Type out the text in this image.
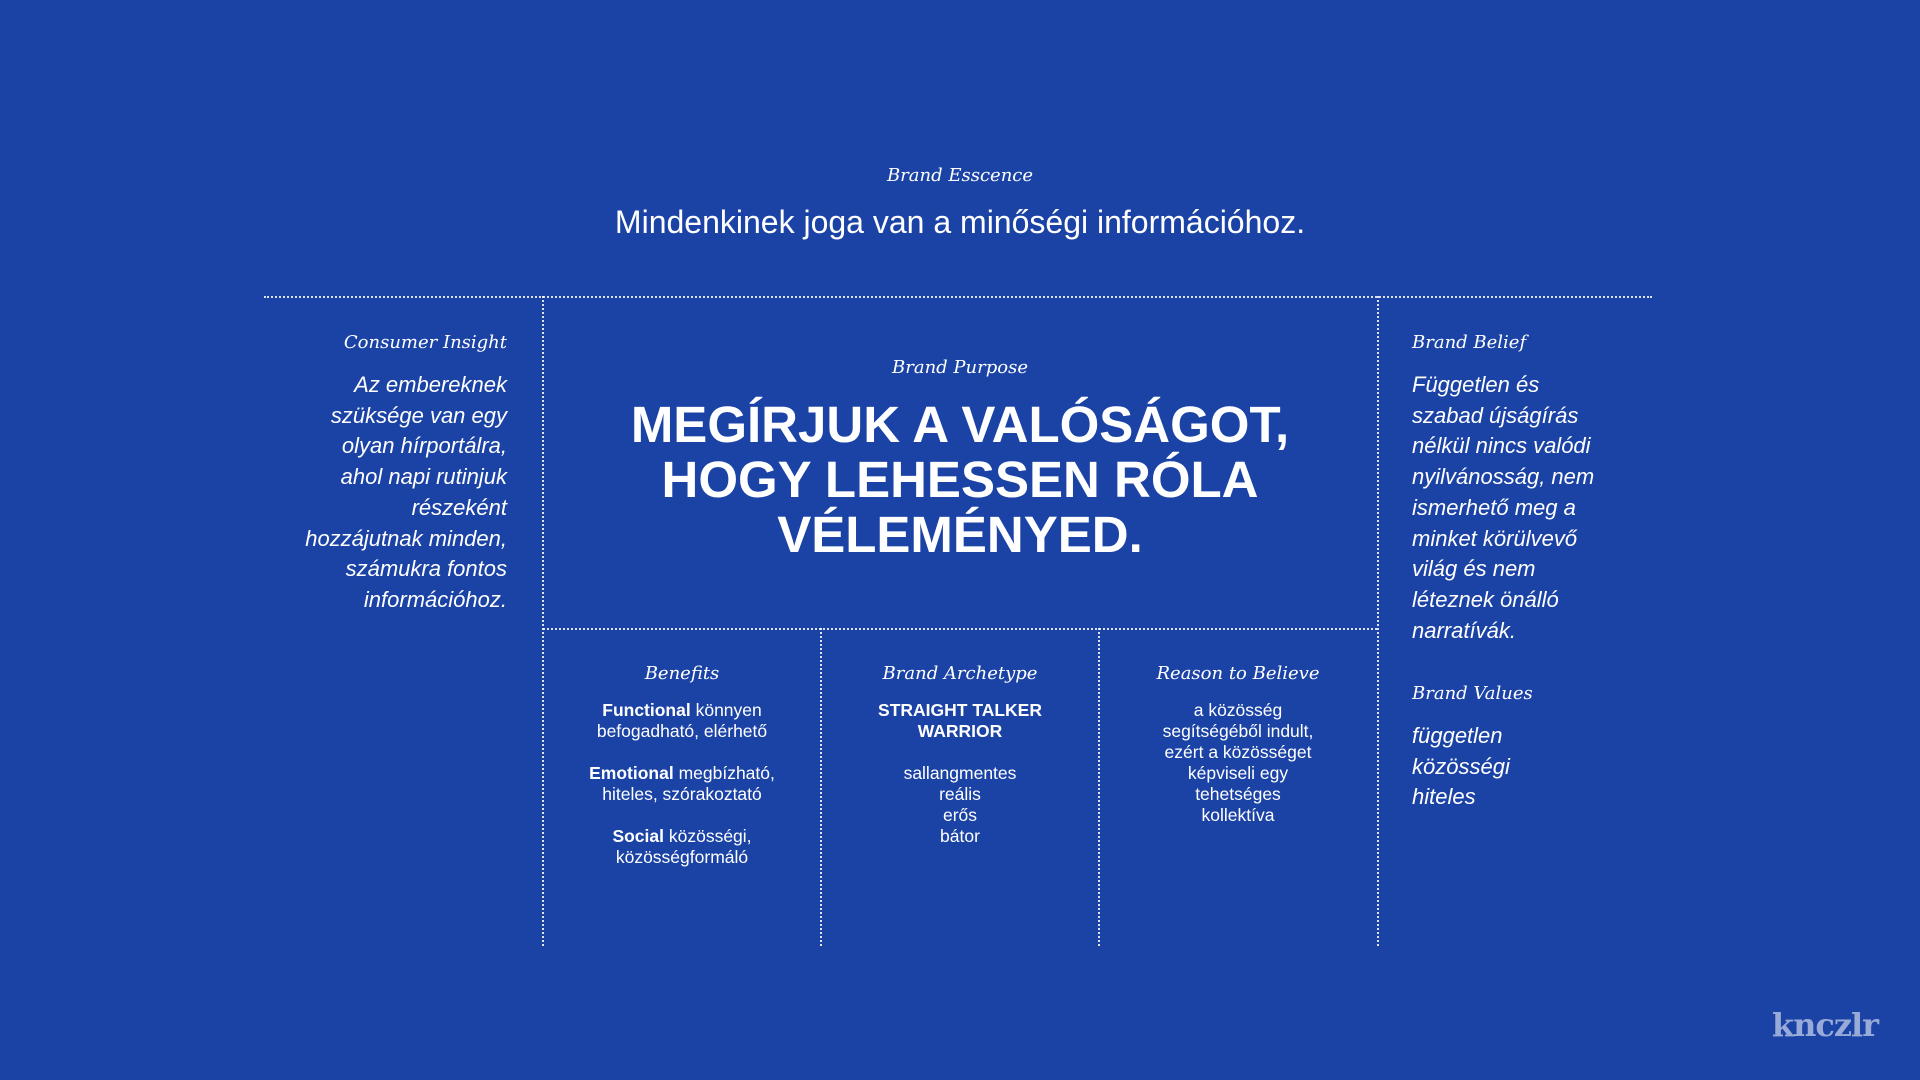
Brand Esscence
Mindenkinek joga van a minőségi információhoz.
Consumer Insight
Az embereknek
szüksége van egy
olyan hírportálra,
ahol napi rutinjuk
részeként
hozzájutnak minden,
számukra fontos
információhoz.
Brand Purpose
MEGÍRJUK A VALÓSÁGOT,
HOGY LEHESSEN RÓLA
VÉLEMÉNYED.
Brand Belief
Független és
szabad újságírás
nélkül nincs valódi
nyilvánosság, nem
ismerhető meg a
minket körülvevő
világ és nem
léteznek önálló
narratívák.
Brand Values
független
közösségi
hiteles
Benefits
Functional könnyen
befogadható, elérhető
Emotional megbízható,
hiteles, szórakoztató
Social közösségi,
közösségformáló
Brand Archetype
STRAIGHT TALKER
WARRIOR
sallangmentes
reális
erős
bátor
Reason to Believe
a közösség
segítségéből indult,
ezért a közösséget
képviseli egy
tehetséges
kollektíva
knczlr
